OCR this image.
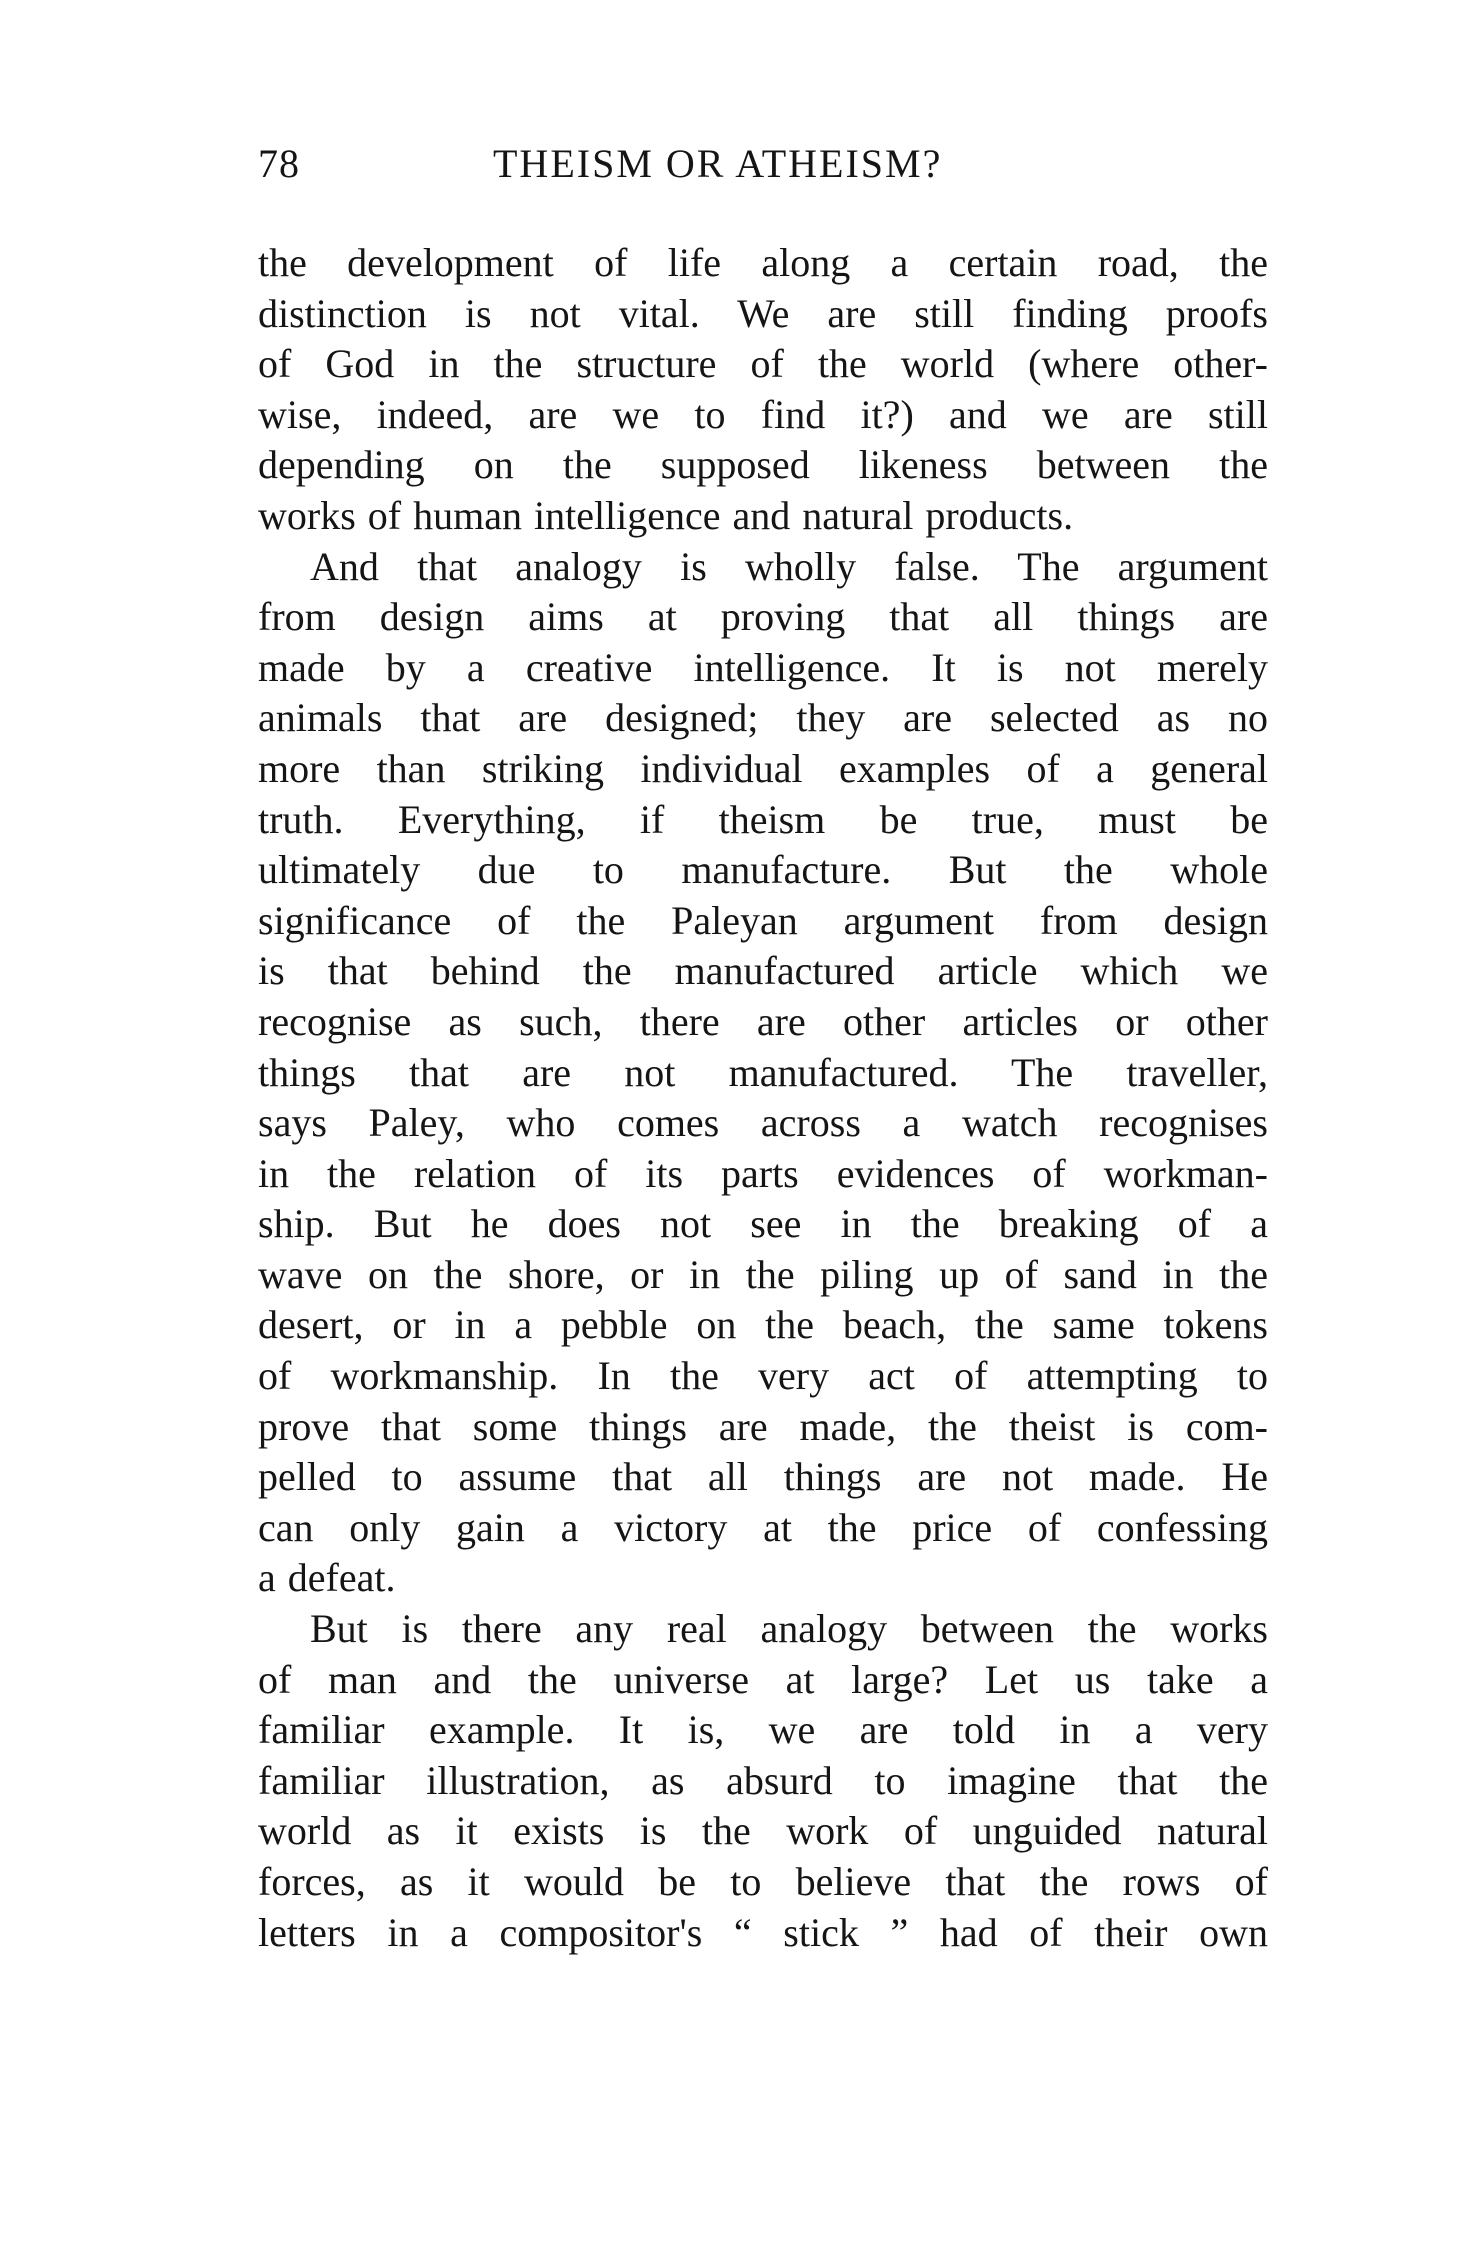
78	THEISM OR ATHEISM?

the development of life along a certain road, the
distinction is not vital. We are still finding proofs
of God in the structure of the world (where other-
wise, indeed, are we to find it?) and we are still
depending on the supposed likeness between the
works of human intelligence and natural products.

And that analogy is wholly false. The argument
from design aims at proving that all things are
made by a creative intelligence. It is not merely
animals that are designed; they are selected as no
more than striking individual examples of a general
truth. Everything, if theism be true, must be
ultimately due to manufacture. But the whole
significance of the Paleyan argument from design
is that behind the manufactured article which we
recognise as such, there are other articles or other
things that are not manufactured. The traveller,
says Paley, who comes across a watch recognises
in the relation of its parts evidences of workman-
ship. But he does not see in the breaking of a
wave on the shore, or in the piling up of sand in the
desert, or in a pebble on the beach, the same tokens
of workmanship. In the very act of attempting to
prove that some things are made, the theist is com-
pelled to assume that all things are not made. He
can only gain a victory at the price of confessing
a defeat.

But is there any real analogy between the works
of man and the universe at large? Let us take a
familiar example. It is, we are told in a very
familiar illustration, as absurd to imagine that the
world as it exists is the work of unguided natural
forces, as it would be to believe that the rows of
letters in a compositor's “ stick ” had of their own
